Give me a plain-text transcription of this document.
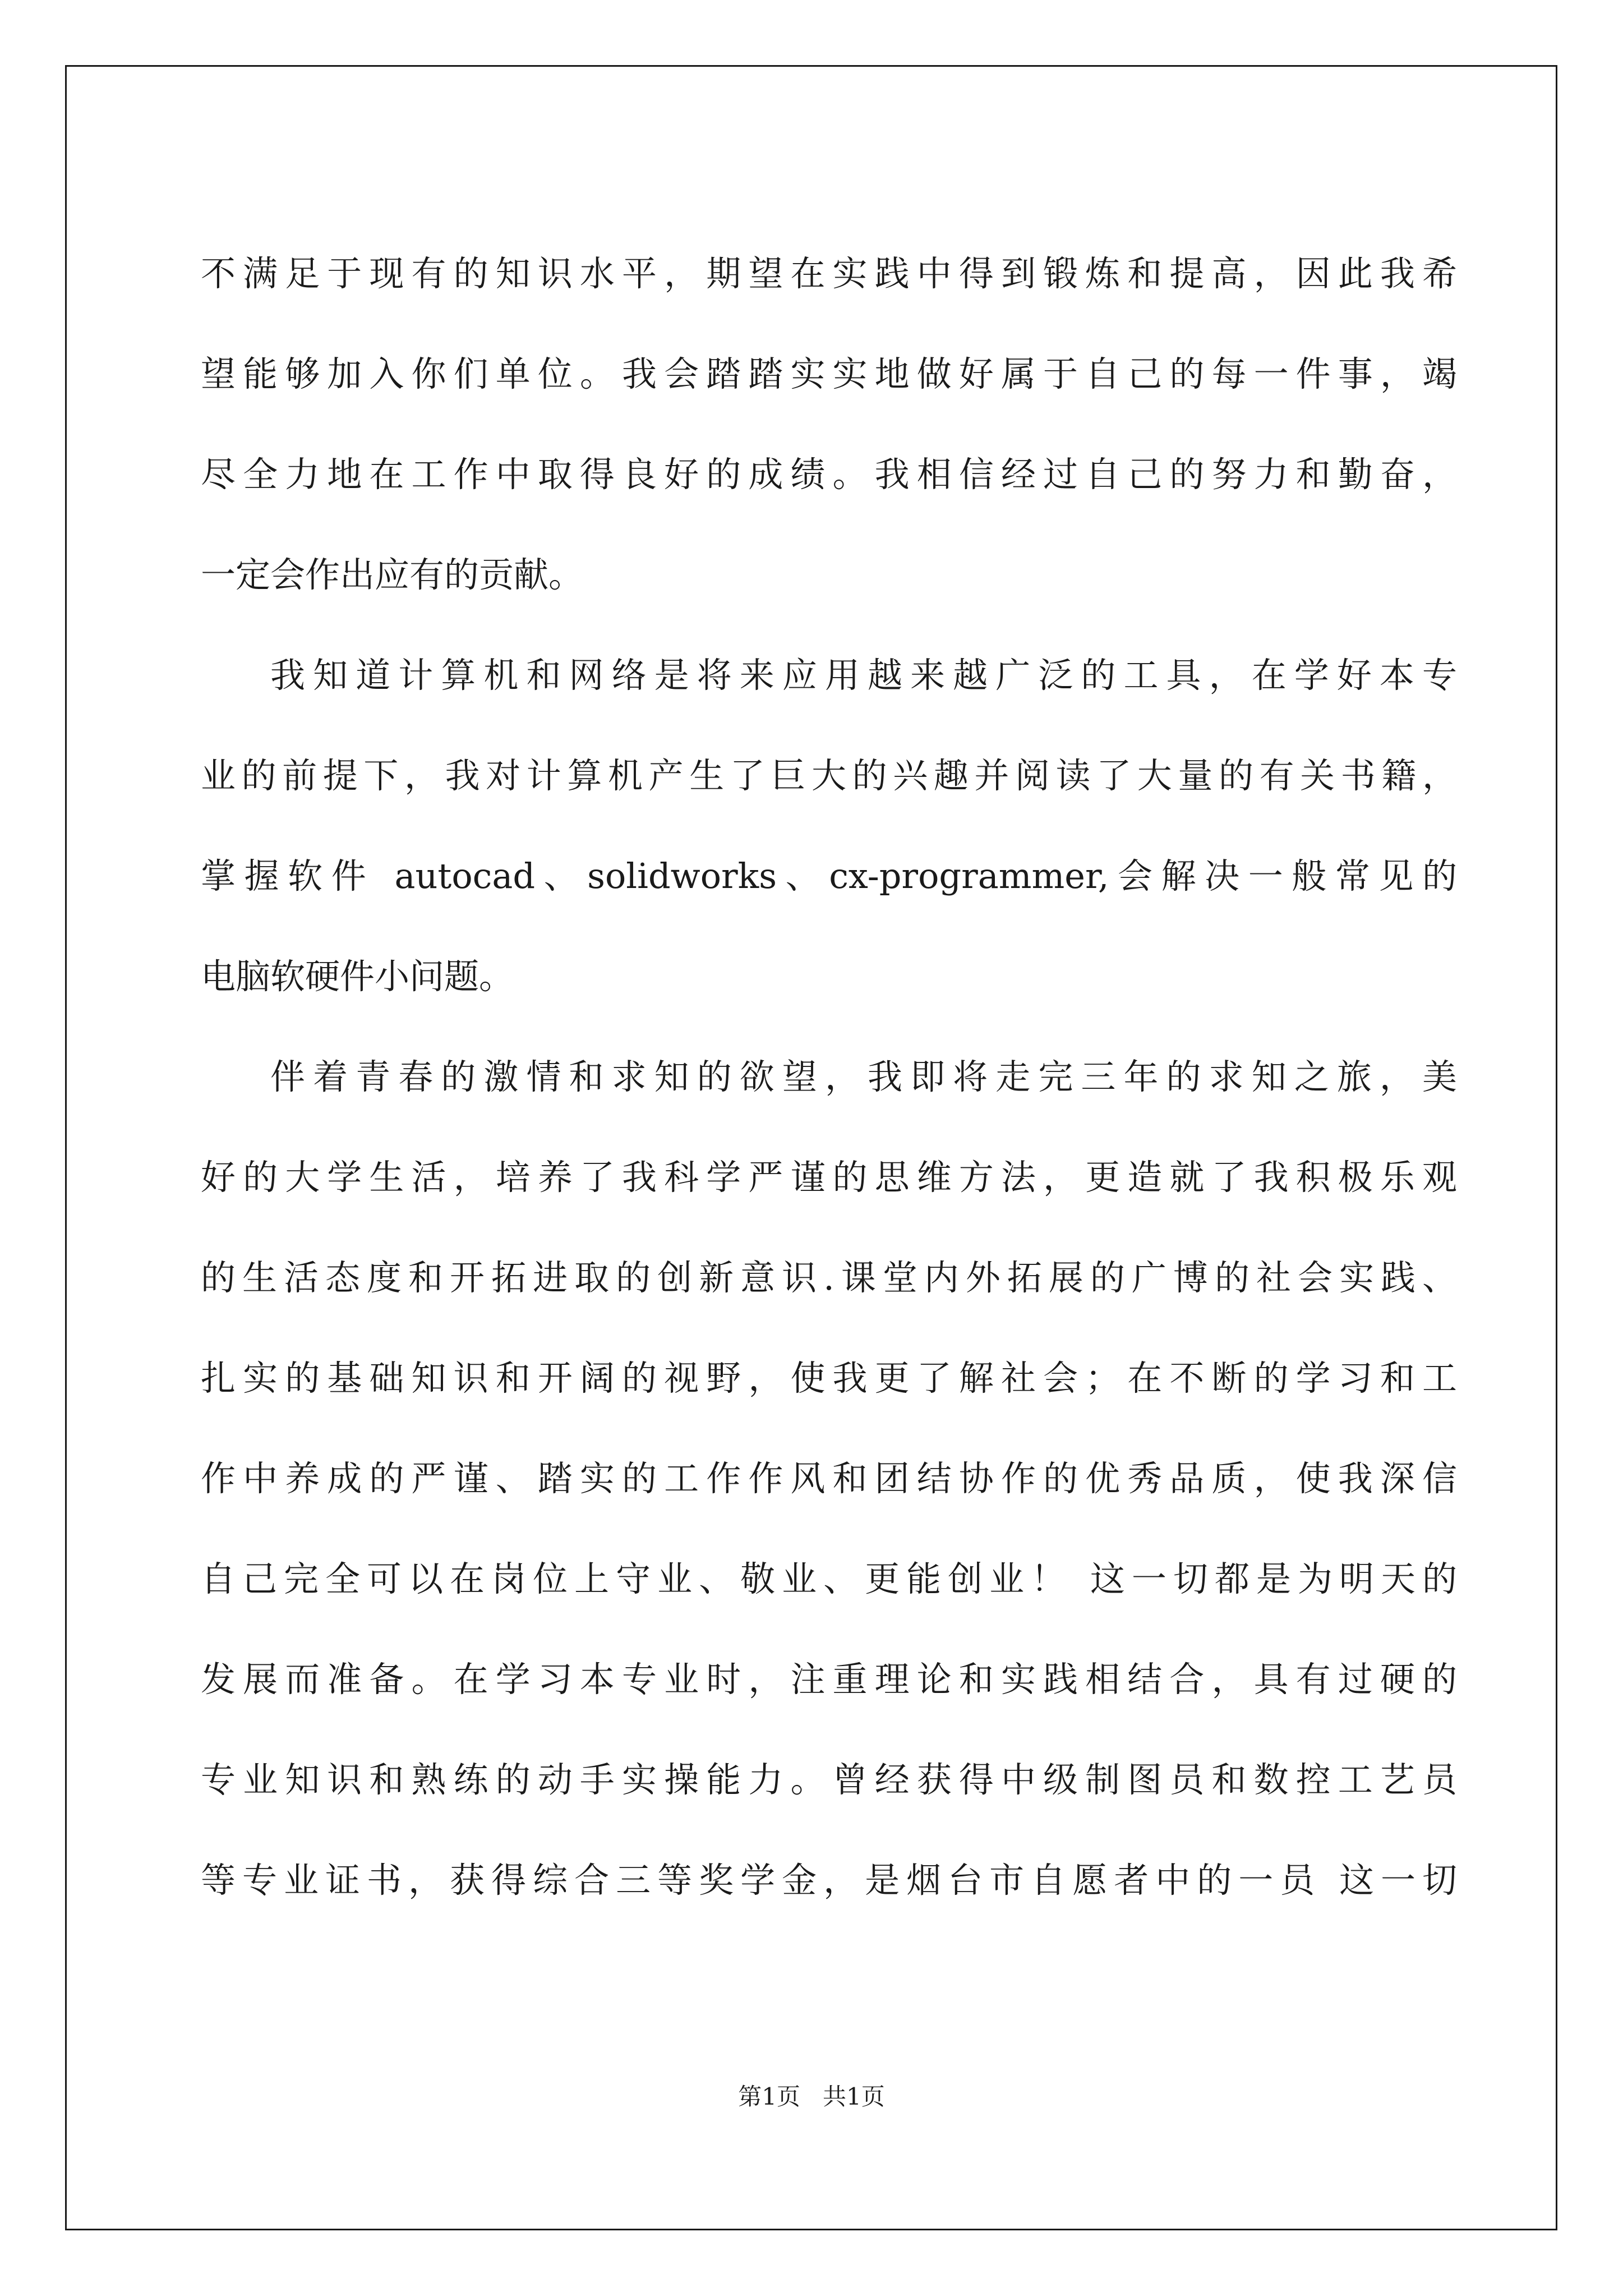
不满足于现有的知识水平，期望在实践中得到锻炼和提高，因此我希
望能够加入你们单位。我会踏踏实实地做好属于自己的每一件事，竭
尽全力地在工作中取得良好的成绩。我相信经过自己的努力和勤奋，
一定会作出应有的贡献。
我知道计算机和网络是将来应用越来越广泛的工具，在学好本专
业的前提下，我对计算机产生了巨大的兴趣并阅读了大量的有关书籍，
掌握软件 autocad、solidworks、cx-programmer,会解决一般常见的
电脑软硬件小问题。
伴着青春的激情和求知的欲望，我即将走完三年的求知之旅，美
好的大学生活，培养了我科学严谨的思维方法，更造就了我积极乐观
的生活态度和开拓进取的创新意识.课堂内外拓展的广博的社会实践、
扎实的基础知识和开阔的视野，使我更了解社会；在不断的学习和工
作中养成的严谨、踏实的工作作风和团结协作的优秀品质，使我深信
自己完全可以在岗位上守业、敬业、更能创业！ 这一切都是为明天的
发展而准备。在学习本专业时，注重理论和实践相结合，具有过硬的
专业知识和熟练的动手实操能力。曾经获得中级制图员和数控工艺员
等专业证书，获得综合三等奖学金，是烟台市自愿者中的一员 这一切
第1页   共1页
